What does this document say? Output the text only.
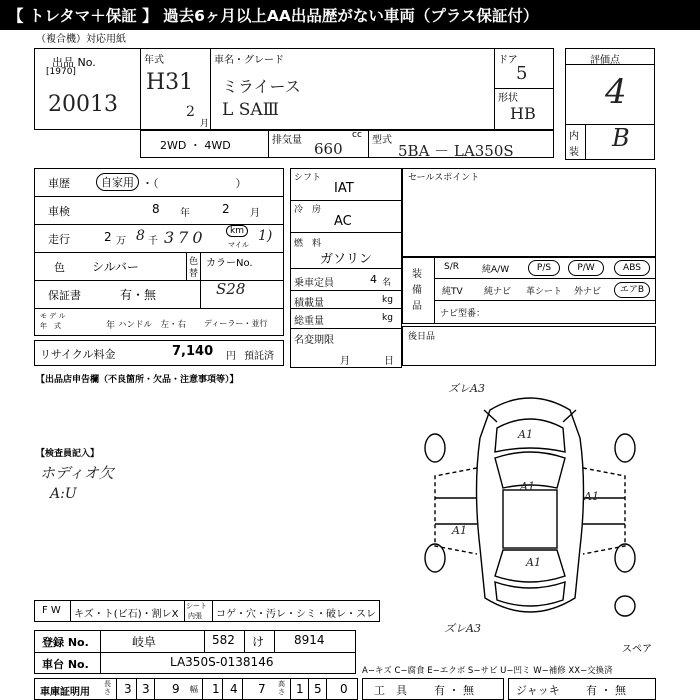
【 トレタマ＋保証 】 過去6ヶ月以上AA出品歴がない車両（プラス保証付）
（複合機）対応用紙
出品 No.
[1970]
20013
年式
H31
2
月
車名・グレード
ミライース
L SAⅢ
ドア
5
形状
HB
評価点
4
内
装
B
2WD ・ 4WD	排気量	cc
660	型式
5BA － LA350S
車歴	自家用 ・（　　　　　　　）
車検	8 年	2 月
走行	2 万 8 千 370	km
マイル
1)
色 シルバー	色
替
カラーNo.
S28
保証書	有・無
モ デ ル
年　式	年 ハンドル　左・右 ディーラー・並行
リサイクル料金	7,140 円 預託済
シフト
IAT
冷　房
AC
燃　料
ガソリン
乗車定員	4 名
積載量	kg
総重量	kg
名変期限
月	日
セールスポイント
装
備
品
S/R	純A/W	P/S	P/W	ABS
純TV 純ナビ 革シート 外ナビ	エアB
ナビ型番：
後日品
【出品店申告欄（不良箇所・欠品・注意事項等）】
【検査員記入】
ホディオ欠
A:U
ズレA3
A1
A1
A1
A1
A1
ズレA3
スペア
F W キズ・ト(ビ石)・割レX
シート
内張 コゲ・穴・汚レ・シミ・破レ・スレ
登録 No.	岐阜	582 け 8914
車台 No.	LA350S-0138146
A−キズ C−腐食 E−エクボ S−サビ U−凹ミ W−補修 XX−交換済
車庫証明用
長さ 3 3 9 幅 1 4 7 高さ 1 5 0 工　具 有 ・ 無	ジャッキ 有 ・ 無
